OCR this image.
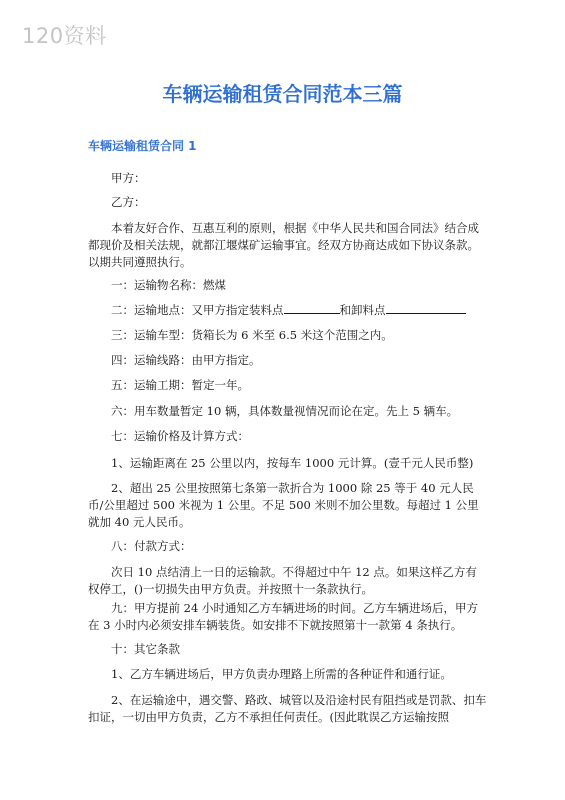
120资料
车辆运输租赁合同范本三篇
车辆运输租赁合同 1

甲方：

乙方：

本着友好合作、互惠互利的原则，根据《中华人民共和国合同法》结合成都现价及相关法规，就都江堰煤矿运输事宜。经双方协商达成如下协议条款。以期共同遵照执行。

一：运输物名称：燃煤

二：运输地点：又甲方指定装料点	和卸料点

三：运输车型：货箱长为 6 米至 6.5 米这个范围之内。

四：运输线路：由甲方指定。

五：运输工期：暂定一年。

六：用车数量暂定 10 辆，具体数量视情况而论在定。先上 5 辆车。

七：运输价格及计算方式：

1、运输距离在 25 公里以内，按每车 1000 元计算。(壹千元人民币整)

2、超出 25 公里按照第七条第一款折合为 1000 除 25 等于 40 元人民币/公里超过 500 米视为 1 公里。不足 500 米则不加公里数。每超过 1 公里就加 40 元人民币。

八：付款方式：

次日 10 点结清上一日的运输款。不得超过中午 12 点。如果这样乙方有权停工，()一切损失由甲方负责。并按照十一条款执行。

九：甲方提前 24 小时通知乙方车辆进场的时间。乙方车辆进场后，甲方在 3 小时内必须安排车辆装货。如安排不下就按照第十一款第 4 条执行。

十：其它条款

1、乙方车辆进场后，甲方负责办理路上所需的各种证件和通行证。

2、在运输途中，遇交警、路政、城管以及沿途村民有阻挡或是罚款、扣车扣证，一切由甲方负责，乙方不承担任何责任。(因此耽误乙方运输按照
